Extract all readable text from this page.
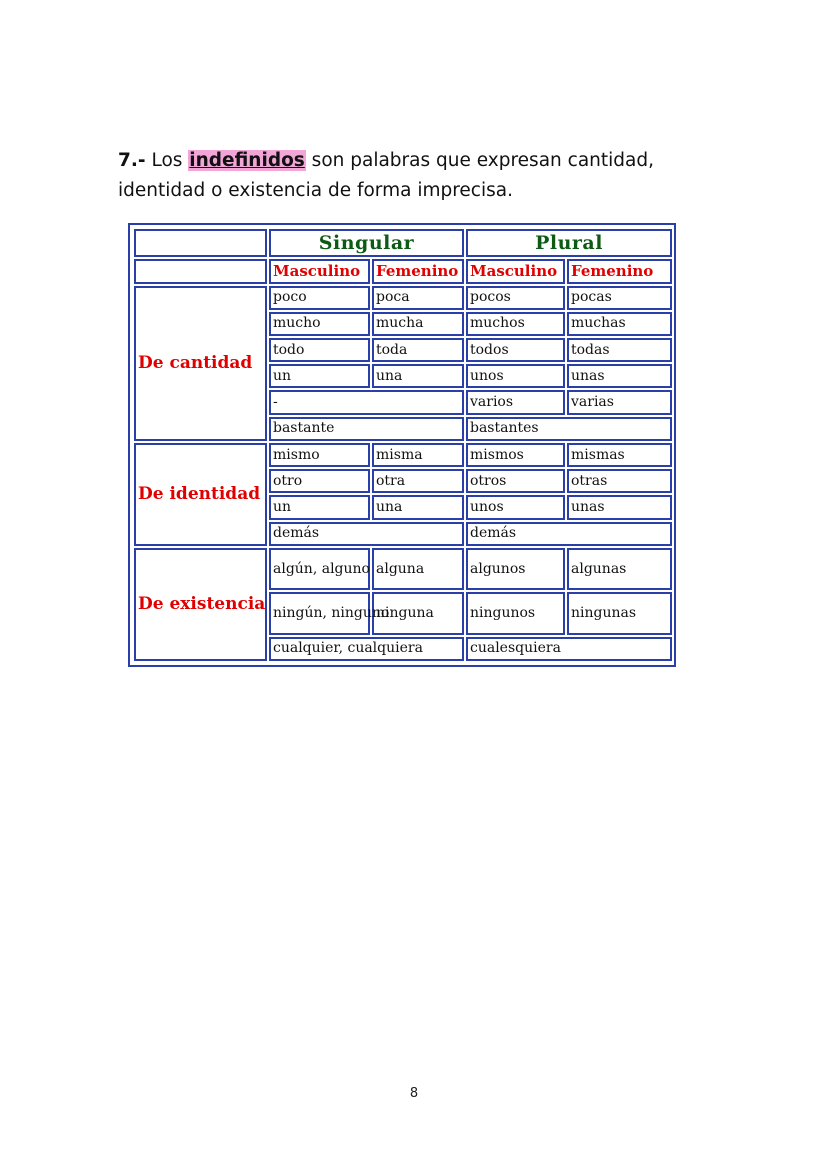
7.- Los indefinidos son palabras que expresan cantidad, identidad o existencia de forma imprecisa.

	Singular		Plural	
	Masculino	Femenino	Masculino	Femenino
De cantidad	poco	poca	pocos	pocas
	mucho	mucha	muchos	muchas
	todo	toda	todos	todas
	un	una	unos	unas
	-		varios	varias
	bastante		bastantes	
De identidad	mismo	misma	mismos	mismas
	otro	otra	otros	otras
	un	una	unos	unas
	demás		demás	
De existencia	algún, alguno	alguna	algunos	algunas
	ningún, ninguno	ninguna	ningunos	ningunas
	cualquier, cualquiera		cualesquiera	
8
